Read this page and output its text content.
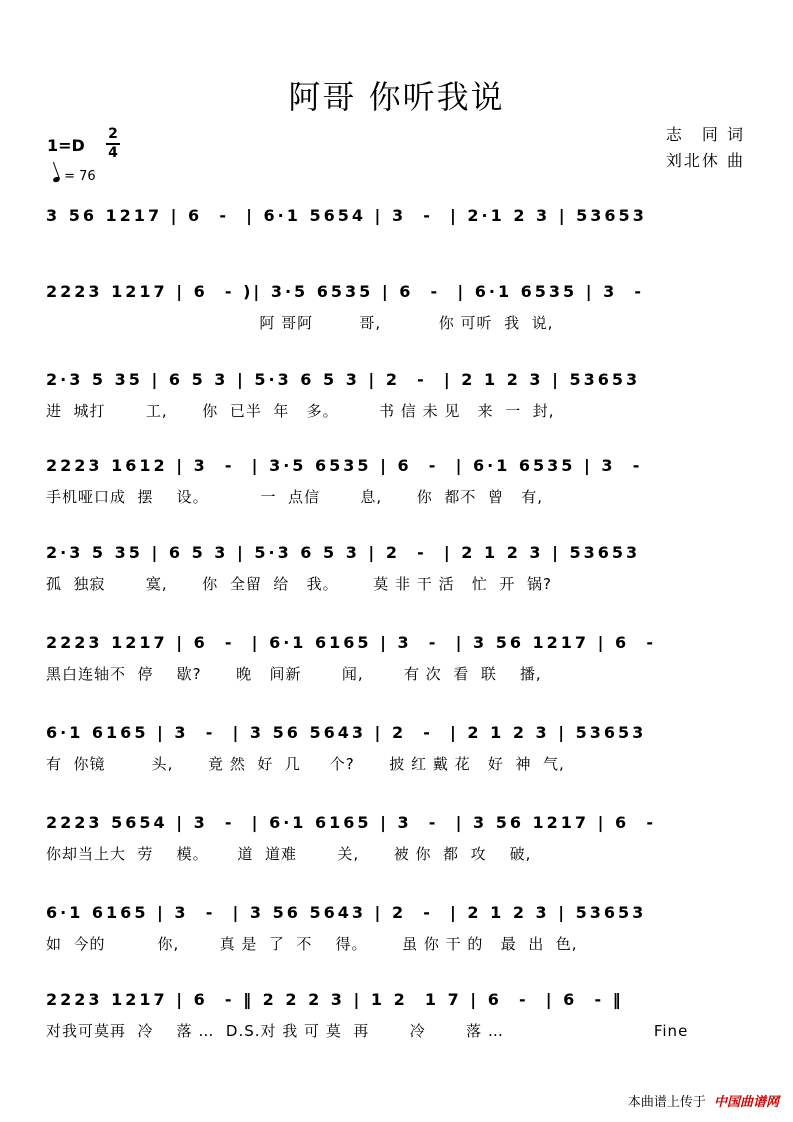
阿哥 你听我说
志　同 词
刘北休 曲
1=D
2
4
= 76
3 56 1217 | 6  -  | 6·1 5654 | 3  -  | 2·1 2 3 | 53653
2223 1217 | 6  - )| 3·5 6535 | 6  -  | 6·1 6535 | 3  -
阿 哥阿        哥,          你 可听  我  说,
2·3 5 35 | 6 5 3 | 5·3 6 5 3 | 2  -  | 2 1 2 3 | 53653
进  城打       工,      你  已半  年   多。       书 信 未 见   来  一  封,
2223 1612 | 3  -  | 3·5 6535 | 6  -  | 6·1 6535 | 3  -
手机哑口成  摆    设。         一  点信       息,      你  都不  曾   有,
2·3 5 35 | 6 5 3 | 5·3 6 5 3 | 2  -  | 2 1 2 3 | 53653
孤  独寂       寞,      你  全留  给   我。      莫 非 干 活   忙  开  锅?
2223 1217 | 6  -  | 6·1 6165 | 3  -  | 3 56 1217 | 6  -
黑白连轴不  停    歇?      晚   间新       闻,       有 次  看  联    播,
6·1 6165 | 3  -  | 3 56 5643 | 2  -  | 2 1 2 3 | 53653
有  你镜        头,      竟 然  好  几     个?      披 红 戴 花   好  神  气,
2223 5654 | 3  -  | 6·1 6165 | 3  -  | 3 56 1217 | 6  -
你却当上大  劳    模。     道  道难       关,      被 你  都  攻    破,
6·1 6165 | 3  -  | 3 56 5643 | 2  -  | 2 1 2 3 | 53653
如  今的         你,       真 是  了  不    得。      虽 你 干 的   最  出  色,
2223 1217 | 6  - ‖ 2 2 2 3 | 1 2  1 7 | 6  -  | 6  - ‖
对我可莫再  冷    落 …  D.S.对 我 可 莫  再       冷       落 …                          Fine
本曲谱上传于 中国曲谱网
